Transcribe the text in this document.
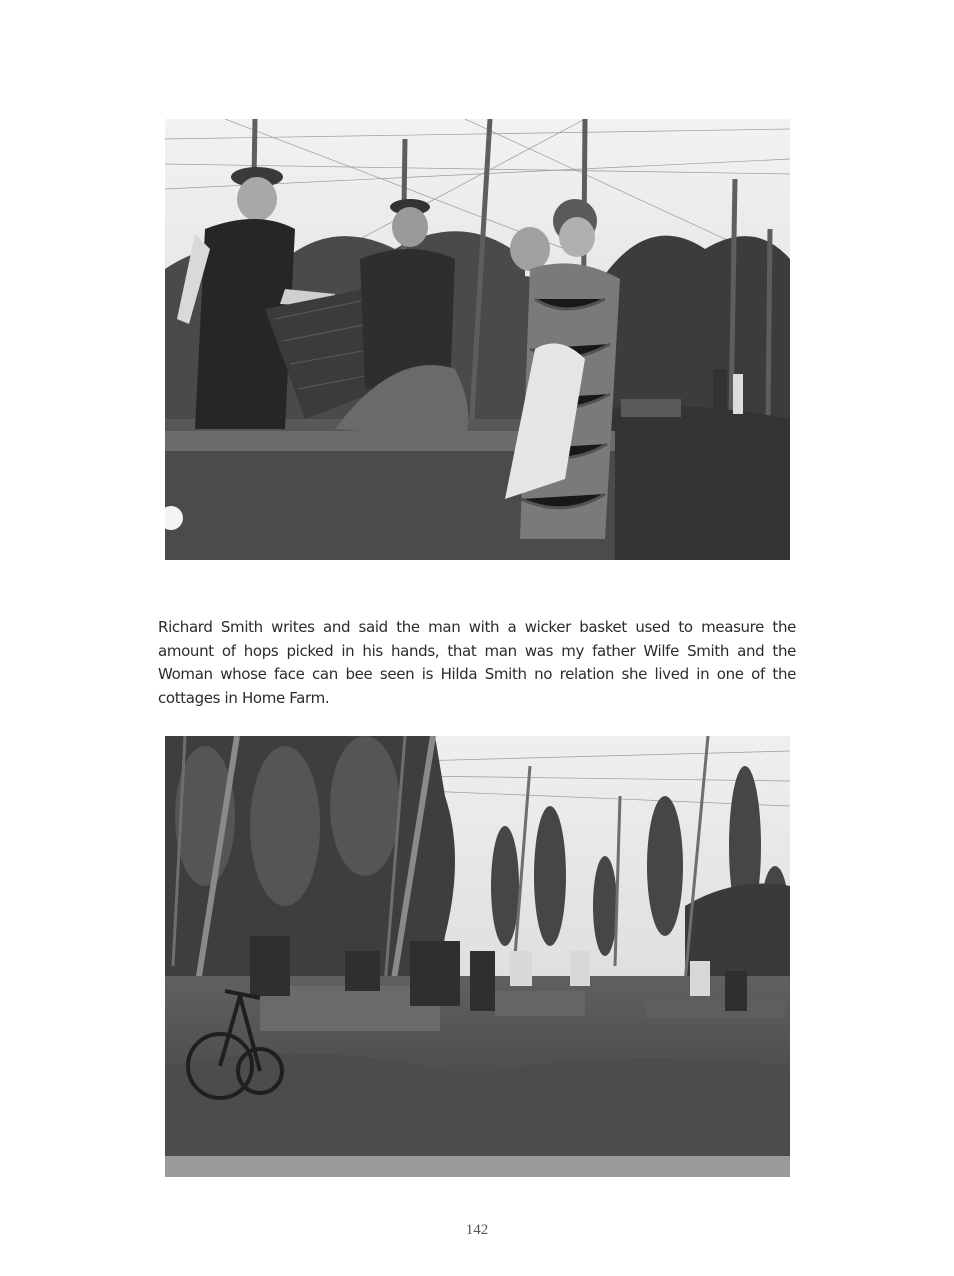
Richard Smith writes and said the man with a wicker basket used to measure the amount of hops picked in his hands, that man was my father Wilfe Smith and the Woman whose face can bee seen is Hilda Smith no relation she lived in one of the cottages in Home Farm.

142
